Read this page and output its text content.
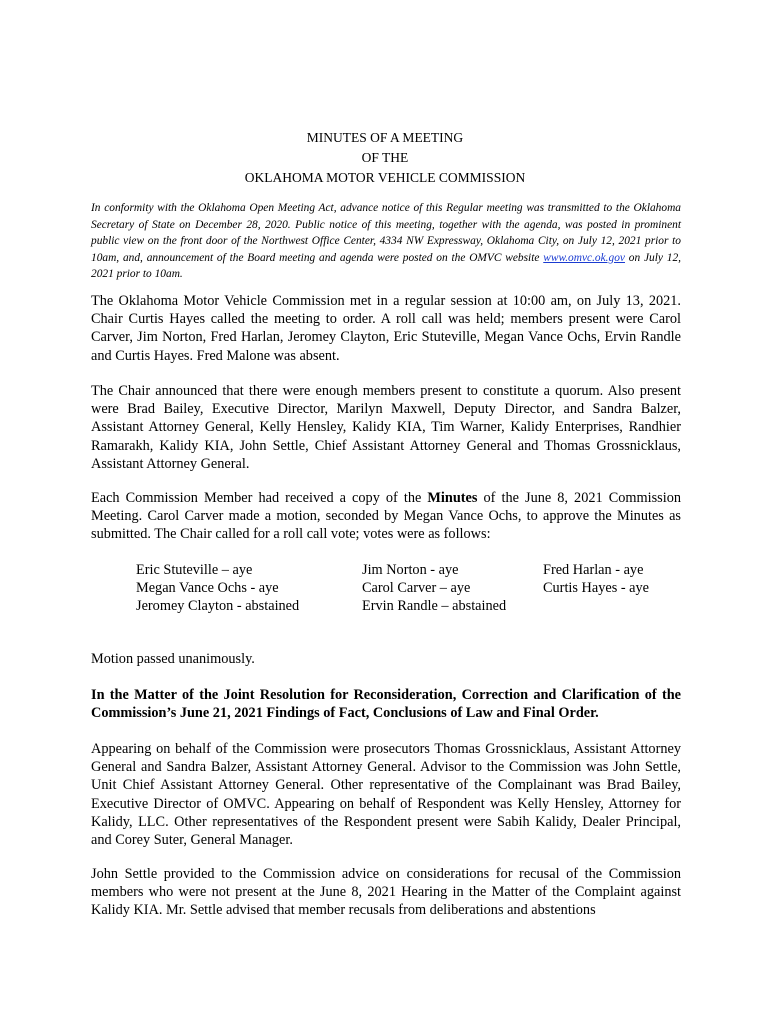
MINUTES OF A MEETING
OF THE
OKLAHOMA MOTOR VEHICLE COMMISSION
In conformity with the Oklahoma Open Meeting Act, advance notice of this Regular meeting was transmitted to the Oklahoma Secretary of State on December 28, 2020. Public notice of this meeting, together with the agenda, was posted in prominent public view on the front door of the Northwest Office Center, 4334 NW Expressway, Oklahoma City, on July 12, 2021 prior to 10am, and, announcement of the Board meeting and agenda were posted on the OMVC website www.omvc.ok.gov on July 12, 2021 prior to 10am.
The Oklahoma Motor Vehicle Commission met in a regular session at 10:00 am, on July 13, 2021. Chair Curtis Hayes called the meeting to order. A roll call was held; members present were Carol Carver, Jim Norton, Fred Harlan, Jeromey Clayton, Eric Stuteville, Megan Vance Ochs, Ervin Randle and Curtis Hayes. Fred Malone was absent.
The Chair announced that there were enough members present to constitute a quorum. Also present were Brad Bailey, Executive Director, Marilyn Maxwell, Deputy Director, and Sandra Balzer, Assistant Attorney General, Kelly Hensley, Kalidy KIA, Tim Warner, Kalidy Enterprises, Randhier Ramarakh, Kalidy KIA, John Settle, Chief Assistant Attorney General and Thomas Grossnicklaus, Assistant Attorney General.
Each Commission Member had received a copy of the Minutes of the June 8, 2021 Commission Meeting. Carol Carver made a motion, seconded by Megan Vance Ochs, to approve the Minutes as submitted. The Chair called for a roll call vote; votes were as follows:
Eric Stuteville – aye
Megan Vance Ochs - aye
Jeromey Clayton - abstained
Jim Norton - aye
Carol Carver – aye
Ervin Randle – abstained
Fred Harlan - aye
Curtis Hayes - aye
Motion passed unanimously.
In the Matter of the Joint Resolution for Reconsideration, Correction and Clarification of the Commission’s June 21, 2021 Findings of Fact, Conclusions of Law and Final Order.
Appearing on behalf of the Commission were prosecutors Thomas Grossnicklaus, Assistant Attorney General and Sandra Balzer, Assistant Attorney General. Advisor to the Commission was John Settle, Unit Chief Assistant Attorney General. Other representative of the Complainant was Brad Bailey, Executive Director of OMVC. Appearing on behalf of Respondent was Kelly Hensley, Attorney for Kalidy, LLC. Other representatives of the Respondent present were Sabih Kalidy, Dealer Principal, and Corey Suter, General Manager.
John Settle provided to the Commission advice on considerations for recusal of the Commission members who were not present at the June 8, 2021 Hearing in the Matter of the Complaint against Kalidy KIA. Mr. Settle advised that member recusals from deliberations and abstentions
